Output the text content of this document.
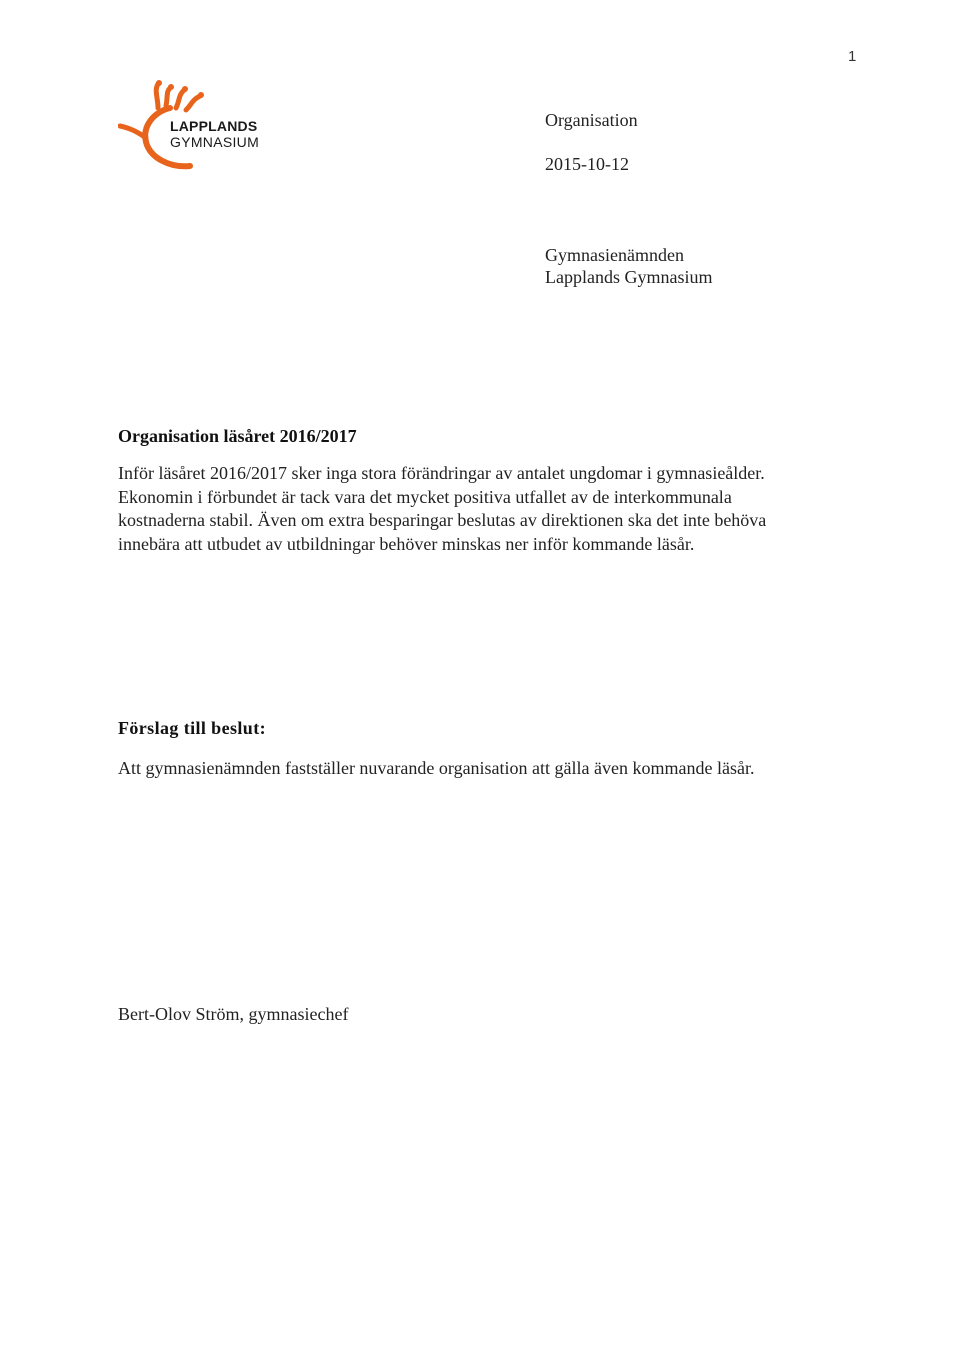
1
LAPPLANDS
GYMNASIUM
Organisation
2015-10-12
Gymnasienämnden
Lapplands Gymnasium
Organisation läsåret 2016/2017
Inför läsåret 2016/2017 sker inga stora förändringar av antalet ungdomar i gymnasieålder.
Ekonomin i förbundet är tack vara det mycket positiva utfallet av de interkommunala
kostnaderna stabil. Även om extra besparingar beslutas av direktionen ska det inte behöva
innebära att utbudet av utbildningar behöver minskas ner inför kommande läsår.
Förslag till beslut:
Att gymnasienämnden fastställer nuvarande organisation att gälla även kommande läsår.
Bert-Olov Ström, gymnasiechef
